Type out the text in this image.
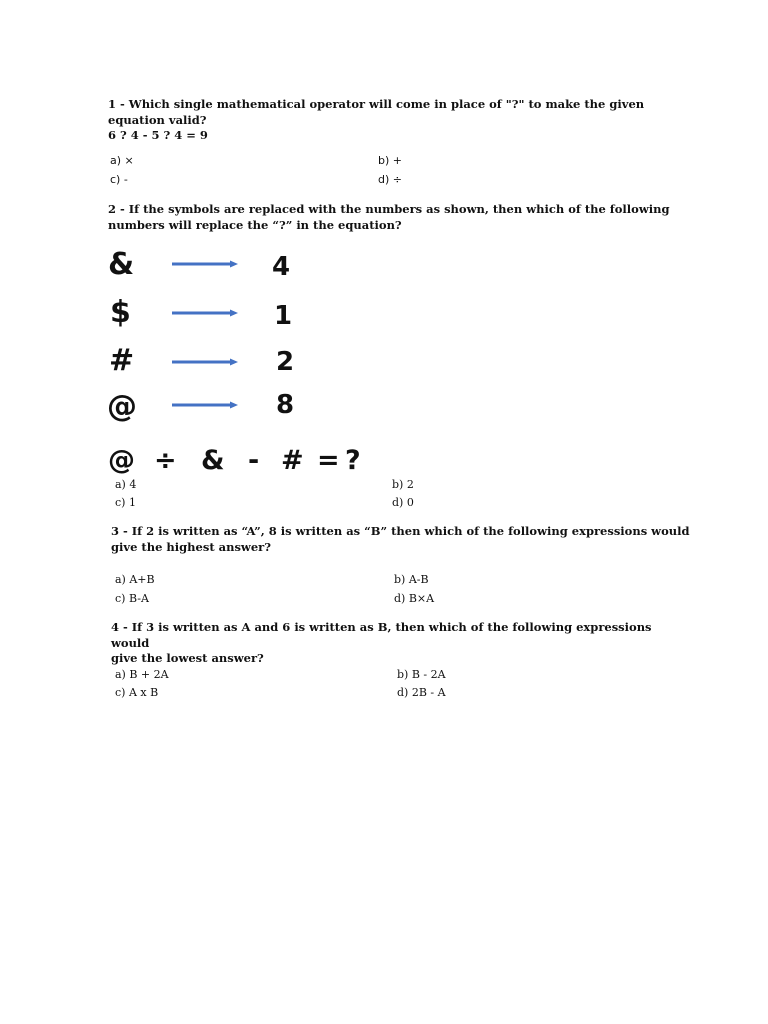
1 - Which single mathematical operator will come in place of "?" to make the given
equation valid?
6 ? 4 - 5 ? 4 = 9
a) ×	b) +
c) -	d) ÷
2 - If the symbols are replaced with the numbers as shown, then which of the following
numbers will replace the “?” in the equation?
&	4
$	1
#	2
@	8
@ ÷ & - # = ?
a) 4	b) 2
c) 1	d) 0
3 - If 2 is written as “A”, 8 is written as “B” then which of the following expressions would
give the highest answer?
a) A+B	b) A-B
c) B-A	d) B×A
4 - If 3 is written as A and 6 is written as B, then which of the following expressions would
give the lowest answer?
a) B + 2A	b) B - 2A
c) A x B	d) 2B - A
